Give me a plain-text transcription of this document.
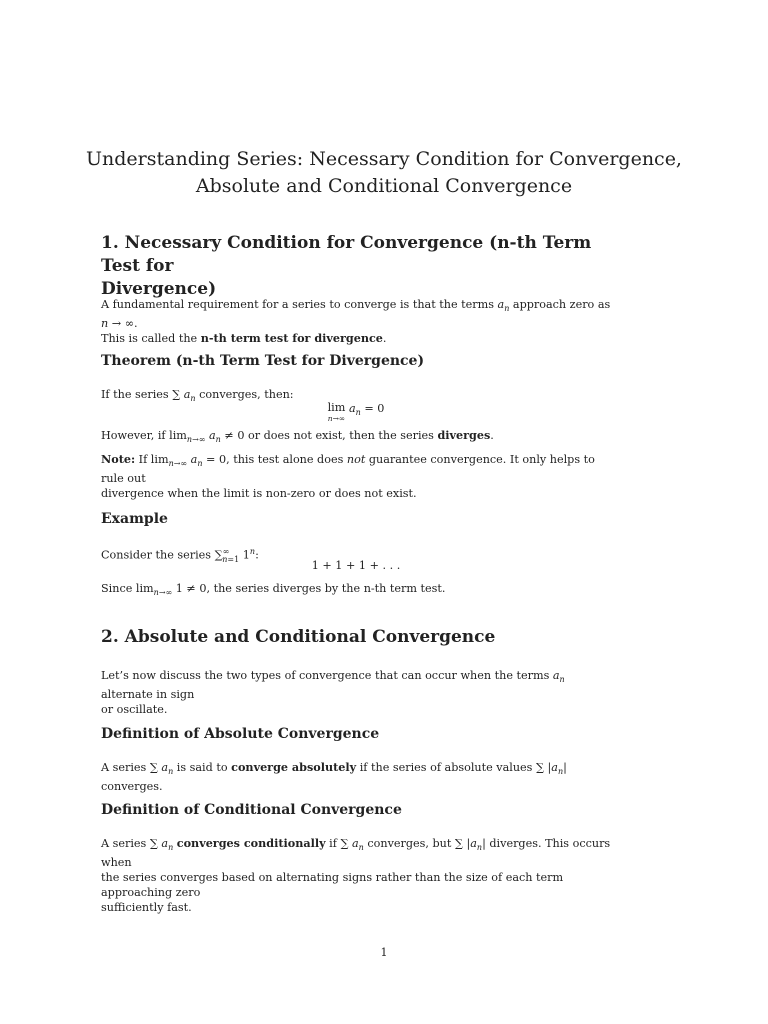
Understanding Series: Necessary Condition for Convergence,
Absolute and Conditional Convergence
1. Necessary Condition for Convergence (n-th Term Test for
Divergence)
A fundamental requirement for a series to converge is that the terms $a_n$ approach zero as n → ∞.
This is called the n-th term test for divergence.
Theorem (n-th Term Test for Divergence)
If the series ∑ $a_n$ converges, then:
lim
n→∞
$a_n = 0$
However, if $\lim_{n\to\infty} a_n \ne 0$ or does not exist, then the series diverges.
Note: If $\lim_{n\to\infty} a_n = 0$, this test alone does not guarantee convergence. It only helps to rule out
divergence when the limit is non-zero or does not exist.
Example
Consider the series $\sum^\infty_{n=1}$ 1$^n$:
1 + 1 + 1 + . . .
Since $\lim_{n\to\infty} 1 \ne 0$, the series diverges by the n-th term test.
2. Absolute and Conditional Convergence
Let’s now discuss the two types of convergence that can occur when the terms $a_n$ alternate in sign
or oscillate.
Definition of Absolute Convergence
A series ∑ $a_n$ is said to converge absolutely if the series of absolute values ∑ $|a_n|$ converges.
Definition of Conditional Convergence
A series ∑ $a_n$ converges conditionally if ∑ $a_n$ converges, but ∑ $|a_n|$ diverges. This occurs when
the series converges based on alternating signs rather than the size of each term approaching zero
sufficiently fast.
1
